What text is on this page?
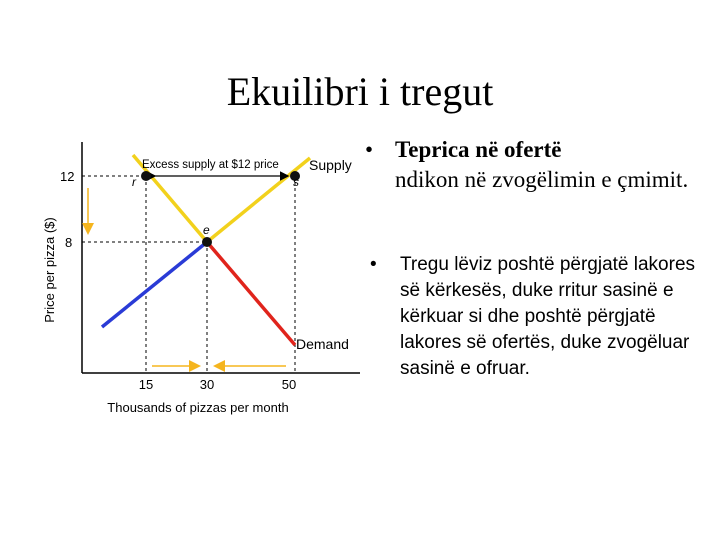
Ekuilibri i tregut
Excess supply at $12 price Supply
Demand
r	s
e
12
8
15	30	50
Thousands of pizzas per month
Price per pizza ($)
• Teprica në ofertë
ndikon në zvogëlimin e çmimit.
•	Tregu lëviz poshtë përgjatë lakores së kërkesës, duke rritur sasinë e kërkuar si dhe poshtë përgjatë lakores së ofertës, duke zvogëluar sasinë e ofruar.
